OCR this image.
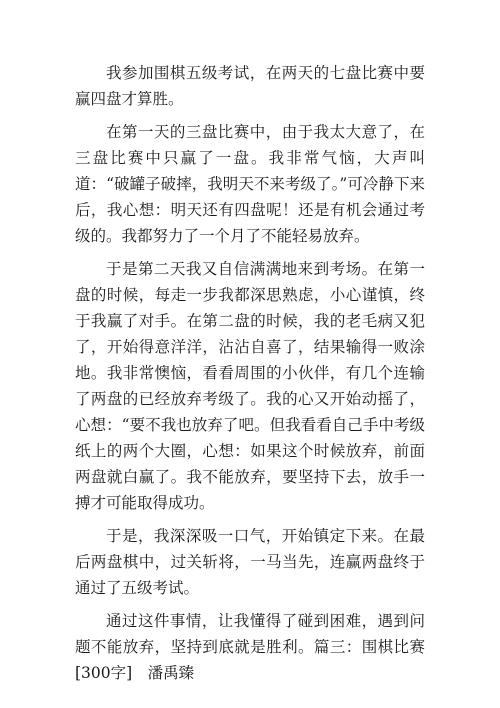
我参加围棋五级考试，在两天的七盘比赛中要赢四盘才算胜。

在第一天的三盘比赛中，由于我太大意了，在三盘比赛中只赢了一盘。我非常气恼，大声叫道：“破罐子破摔，我明天不来考级了。”可冷静下来后，我心想：明天还有四盘呢！还是有机会通过考级的。我都努力了一个月了不能轻易放弃。

于是第二天我又自信满满地来到考场。在第一盘的时候，每走一步我都深思熟虑，小心谨慎，终于我赢了对手。在第二盘的时候，我的老毛病又犯了，开始得意洋洋，沾沾自喜了，结果输得一败涂地。我非常懊恼，看看周围的小伙伴，有几个连输了两盘的已经放弃考级了。我的心又开始动摇了，心想：“要不我也放弃了吧。但我看看自己手中考级纸上的两个大圈，心想：如果这个时候放弃，前面两盘就白赢了。我不能放弃，要坚持下去，放手一搏才可能取得成功。

于是，我深深吸一口气，开始镇定下来。在最后两盘棋中，过关斩将，一马当先，连赢两盘终于通过了五级考试。

通过这件事情，让我懂得了碰到困难，遇到问题不能放弃，坚持到底就是胜利。篇三：围棋比赛[300字]　潘禹臻
